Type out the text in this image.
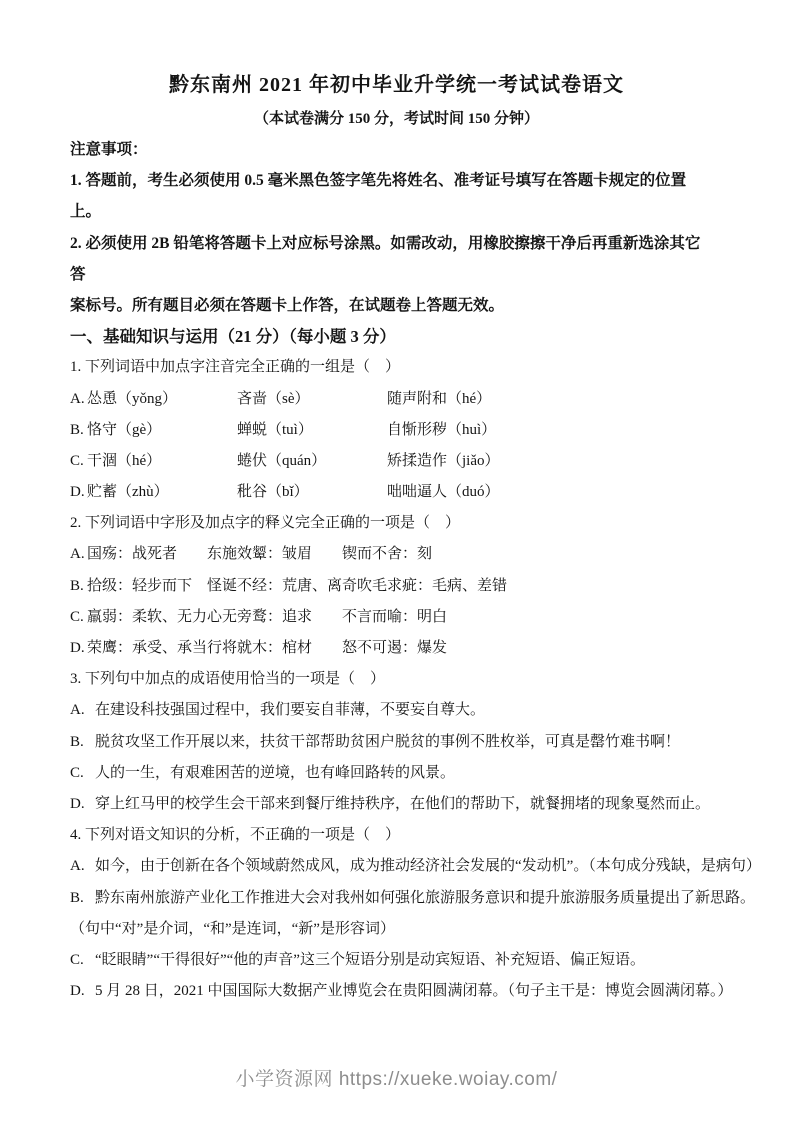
黔东南州 2021 年初中毕业升学统一考试试卷语文
（本试卷满分 150 分，考试时间 150 分钟）
注意事项：
1. 答题前，考生必须使用 0.5 毫米黑色签字笔先将姓名、准考证号填写在答题卡规定的位置
上。
2. 必须使用 2B 铅笔将答题卡上对应标号涂黑。如需改动，用橡胶擦擦干净后再重新选涂其它
答
案标号。所有题目必须在答题卡上作答，在试题卷上答题无效。
一、基础知识与运用（21 分）（每小题 3 分）
1. 下列词语中加点字注音完全正确的一组是（　）
A. 怂恿（yǒng）	吝啬（sè）	随声附和（hé）
B. 恪守（gè）	蝉蜕（tuì）	自惭形秽（huì）
C. 干涸（hé）	蜷伏（quán）	矫揉造作（jiǎo）
D. 贮蓄（zhù）	秕谷（bǐ）	咄咄逼人（duó）
2. 下列词语中字形及加点字的释义完全正确的一项是（　）
A. 国殇：战死者	东施效颦：皱眉	锲而不舍：刻
B. 拾级：轻步而下 怪诞不经：荒唐、离奇 吹毛求疵：毛病、差错
C. 羸弱：柔软、无力 心无旁鹜：追求	不言而喻：明白
D. 荣鹰：承受、承当 行将就木：棺材	怒不可遏：爆发
3. 下列句中加点的成语使用恰当的一项是（　）
A. 在建设科技强国过程中，我们要妄自菲薄，不要妄自尊大。
B. 脱贫攻坚工作开展以来，扶贫干部帮助贫困户脱贫的事例不胜枚举，可真是罄竹难书啊！
C. 人的一生，有艰难困苦的逆境，也有峰回路转的风景。
D. 穿上红马甲的校学生会干部来到餐厅维持秩序，在他们的帮助下，就餐拥堵的现象戛然而止。
4. 下列对语文知识的分析，不正确的一项是（　）
A. 如今，由于创新在各个领域蔚然成风，成为推动经济社会发展的“发动机”。（本句成分残缺，是病句）
B. 黔东南州旅游产业化工作推进大会对我州如何强化旅游服务意识和提升旅游服务质量提出了新思路。
（句中“对”是介词，“和”是连词，“新”是形容词）
C. “眨眼睛”“干得很好”“他的声音”这三个短语分别是动宾短语、补充短语、偏正短语。
D. 5 月 28 日，2021 中国国际大数据产业博览会在贵阳圆满闭幕。（句子主干是：博览会圆满闭幕。）
小学资源网 https://xueke.woiay.com/
